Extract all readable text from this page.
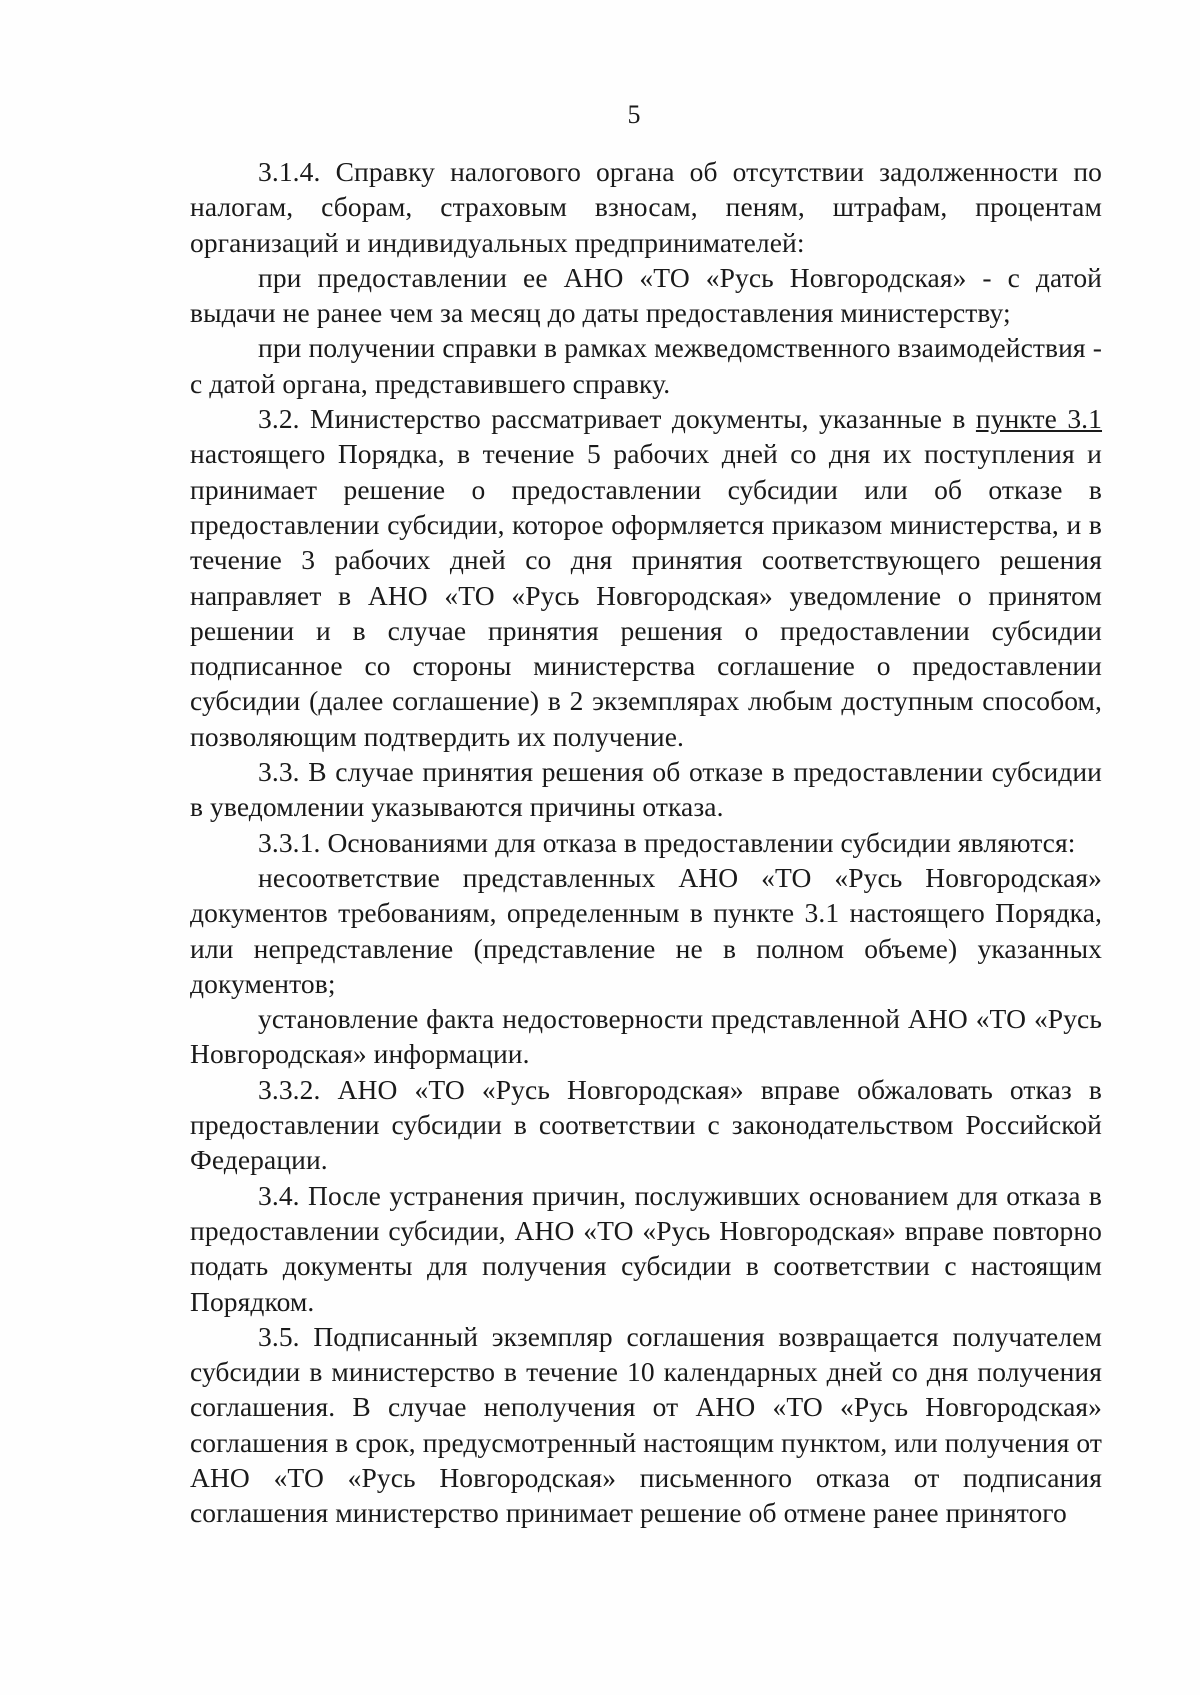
5

3.1.4. Справку налогового органа об отсутствии задолженности по налогам, сборам, страховым взносам, пеням, штрафам, процентам организаций и индивидуальных предпринимателей:

при предоставлении ее АНО «ТО «Русь Новгородская» - с датой выдачи не ранее чем за месяц до даты предоставления министерству;

при получении справки в рамках межведомственного взаимодействия - с датой органа, представившего справку.

3.2. Министерство рассматривает документы, указанные в пункте 3.1 настоящего Порядка, в течение 5 рабочих дней со дня их поступления и принимает решение о предоставлении субсидии или об отказе в предоставлении субсидии, которое оформляется приказом министерства, и в течение 3 рабочих дней со дня принятия соответствующего решения направляет в АНО «ТО «Русь Новгородская» уведомление о принятом решении и в случае принятия решения о предоставлении субсидии подписанное со стороны министерства соглашение о предоставлении субсидии (далее соглашение) в 2 экземплярах любым доступным способом, позволяющим подтвердить их получение.

3.3. В случае принятия решения об отказе в предоставлении субсидии в уведомлении указываются причины отказа.

3.3.1. Основаниями для отказа в предоставлении субсидии являются:

несоответствие представленных АНО «ТО «Русь Новгородская» документов требованиям, определенным в пункте 3.1 настоящего Порядка, или непредставление (представление не в полном объеме) указанных документов;

установление факта недостоверности представленной АНО «ТО «Русь Новгородская» информации.

3.3.2. АНО «ТО «Русь Новгородская» вправе обжаловать отказ в предоставлении субсидии в соответствии с законодательством Российской Федерации.

3.4. После устранения причин, послуживших основанием для отказа в предоставлении субсидии, АНО «ТО «Русь Новгородская» вправе повторно подать документы для получения субсидии в соответствии с настоящим Порядком.

3.5. Подписанный экземпляр соглашения возвращается получателем субсидии в министерство в течение 10 календарных дней со дня получения соглашения. В случае неполучения от АНО «ТО «Русь Новгородская» соглашения в срок, предусмотренный настоящим пунктом, или получения от АНО «ТО «Русь Новгородская» письменного отказа от подписания соглашения министерство принимает решение об отмене ранее принятого
